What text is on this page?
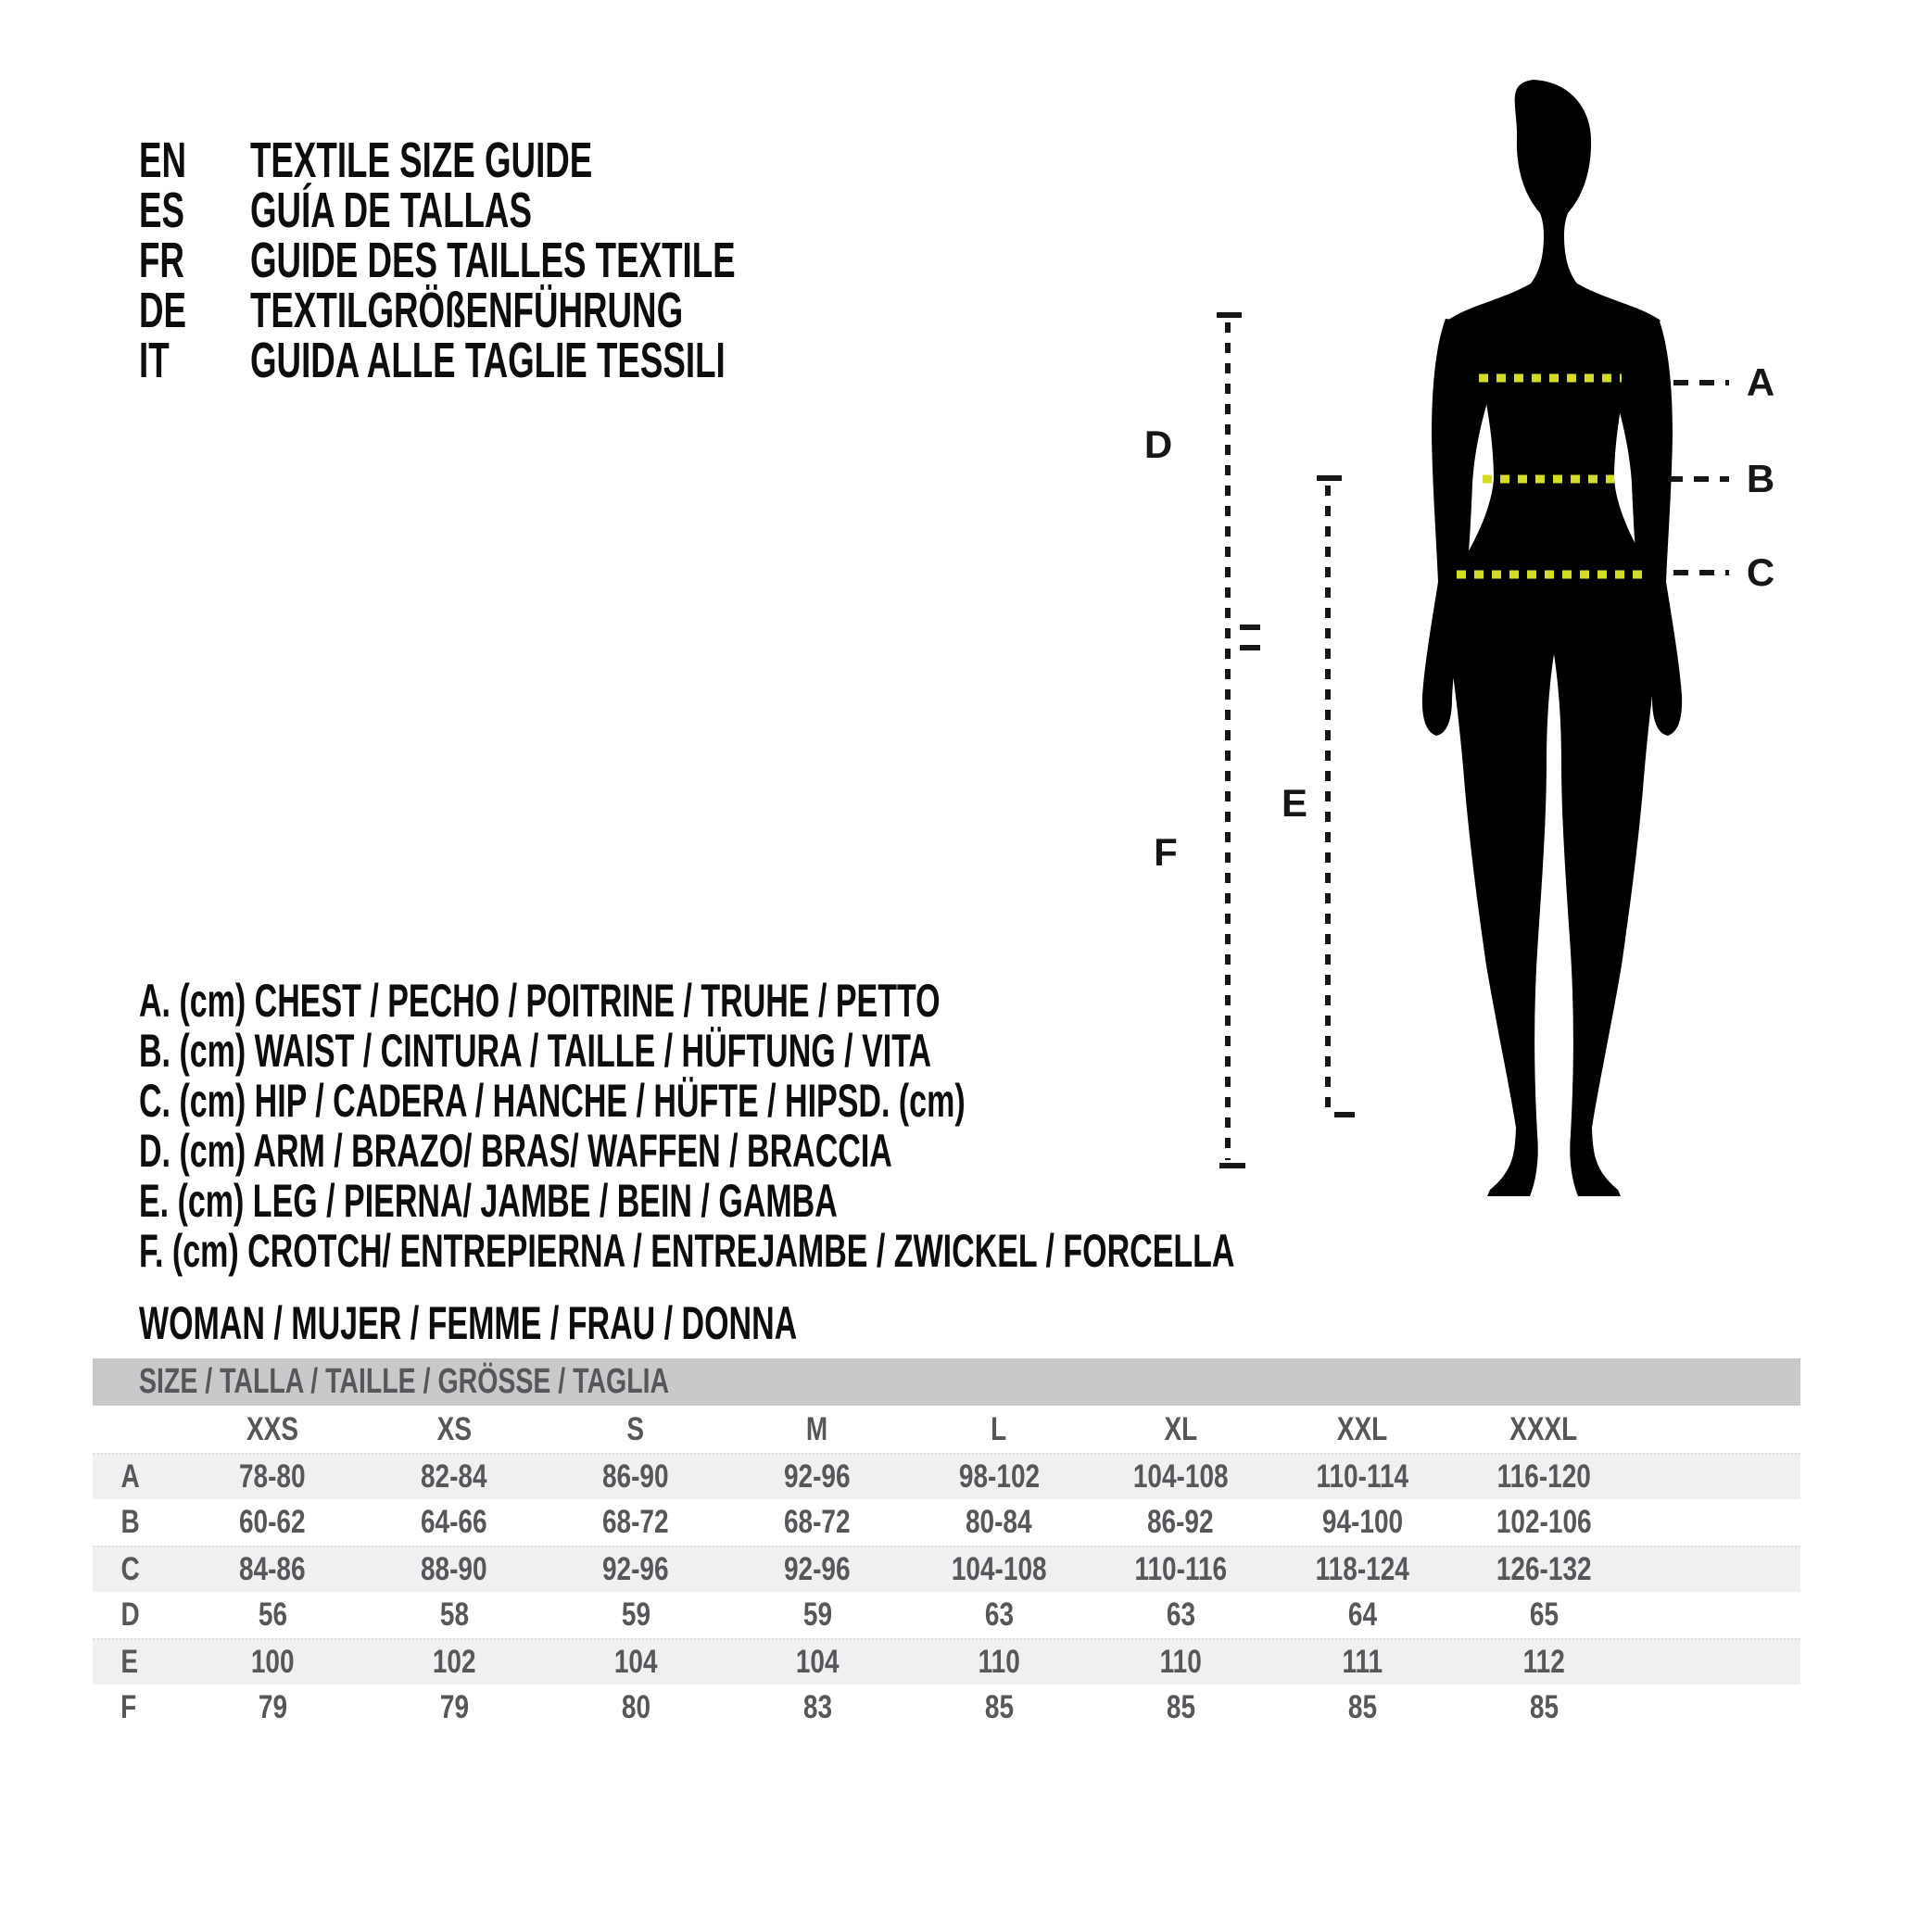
EN	TEXTILE SIZE GUIDE
ES	GUÍA DE TALLAS
FR	GUIDE DES TAILLES TEXTILE
DE	TEXTILGRÖßENFÜHRUNG
IT GUIDA ALLE TAGLIE TESSILI	A
B
C
D
E
F
A. (cm) CHEST / PECHO / POITRINE / TRUHE / PETTO
B. (cm) WAIST / CINTURA / TAILLE / HÜFTUNG / VITA
C. (cm) HIP / CADERA / HANCHE / HÜFTE / HIPSD. (cm)
D. (cm) ARM / BRAZO/ BRAS/ WAFFEN / BRACCIA
E. (cm) LEG / PIERNA/ JAMBE / BEIN / GAMBA
F. (cm) CROTCH/ ENTREPIERNA / ENTREJAMBE / ZWICKEL / FORCELLA
WOMAN / MUJER / FEMME / FRAU / DONNA
SIZE / TALLA / TAILLE / GRÖSSE / TAGLIA
XXS	XS	S	M	L	XL	XXL	XXXL
A	78-80	82-84	86-90	92-96	98-102	104-108	110-114	116-120
B	60-62	64-66	68-72	68-72	80-84	86-92	94-100	102-106
C	84-86	88-90	92-96	92-96	104-108	110-116	118-124	126-132
D	56	58	59	59	63	63	64	65
E	100	102	104	104	110	110	111	112
F	79	79	80	83	85	85	85	85
